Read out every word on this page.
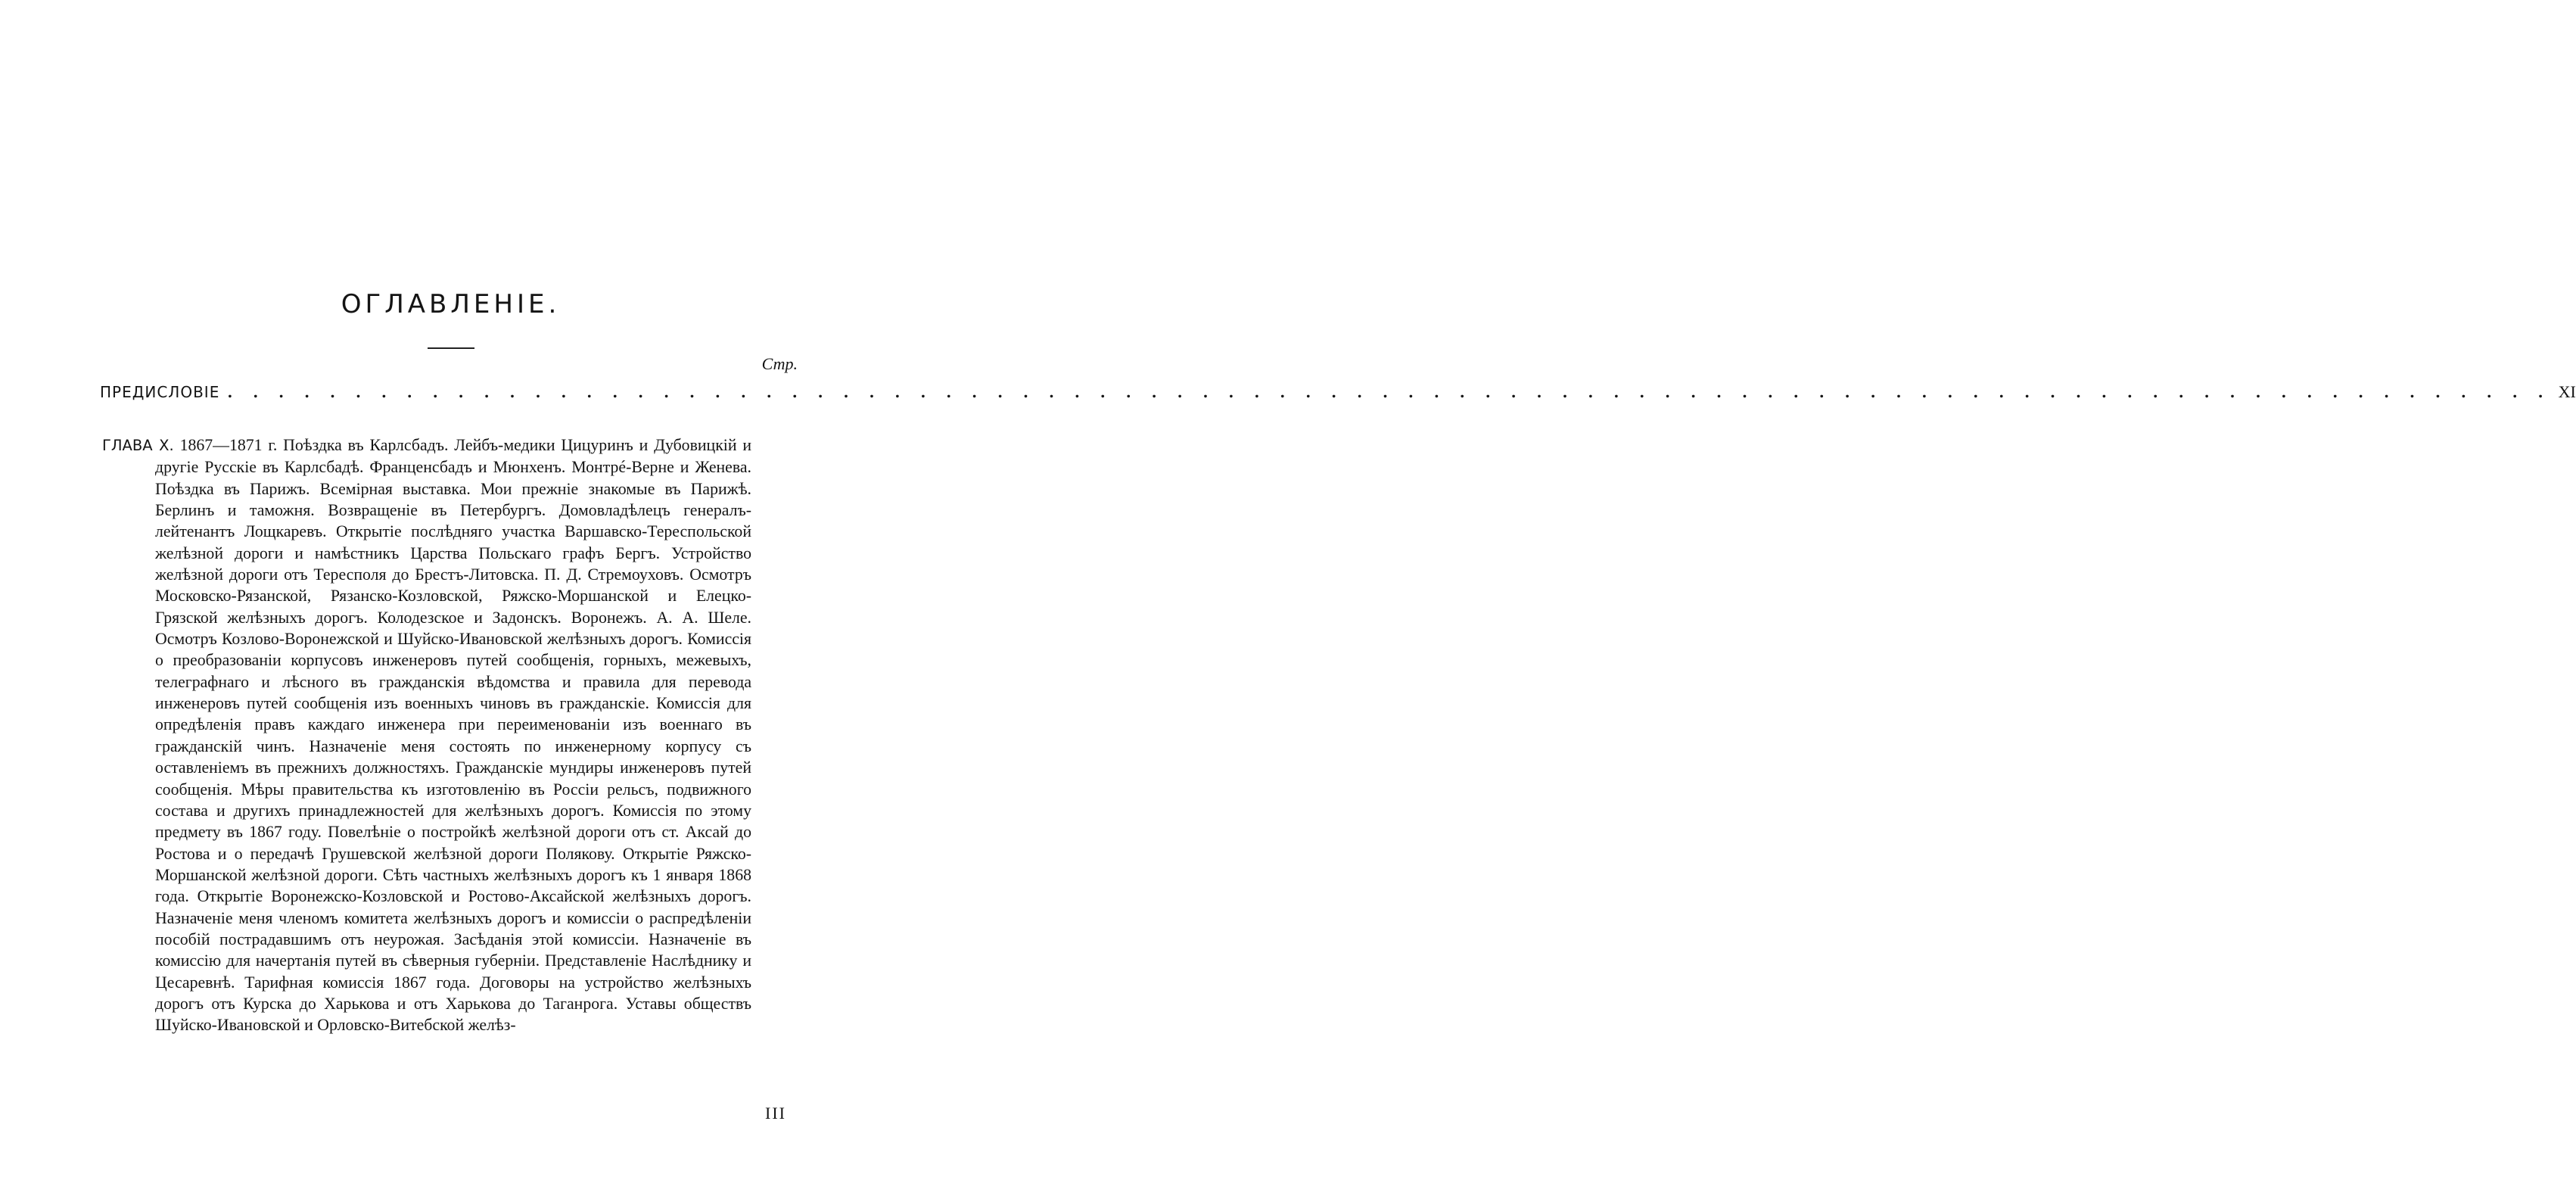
ОГЛАВЛЕНІЕ.
Стр.
ПРЕДИСЛОВІЕ . . . . . . . . . . . . . . . . . . . . . . . . . . . . . . . . . . . . . . . . . . . . . . . . . . . . . . . . . . . . . . . . . . . . . . . . . . . . . . . . . . . . . . . . . . . XI

ГЛАВА X. 1867—1871 г. Поѣздка въ Карлсбадъ. Лейбъ-медики Цицуринъ и Дубовицкій и другіе Русскіе въ Карлсбадѣ. Франценсбадъ и Мюнхенъ. Монтрé-Верне и Женева. Поѣздка въ Парижъ. Всемірная выставка. Мои прежніе знакомые въ Парижѣ. Берлинъ и таможня. Возвращеніе въ Петербургъ. Домовладѣлецъ генералъ-лейтенантъ Лощкаревъ. Открытіе послѣдняго участка Варшавско-Тереспольской желѣзной дороги и намѣстникъ Царства Польскаго графъ Бергъ. Устройство желѣзной дороги отъ Тересполя до Брестъ-Литовска. П. Д. Стремоуховъ. Осмотръ Московско-Рязанской, Рязанско-Козловской, Ряжско-Моршанской и Елецко-Грязской желѣзныхъ дорогъ. Колодезское и Задонскъ. Воронежъ. А. А. Шеле. Осмотръ Козлово-Воронежской и Шуйско-Ивановской желѣзныхъ дорогъ. Комиссія о преобразованіи корпусовъ инженеровъ путей сообщенія, горныхъ, межевыхъ, телеграфнаго и лѣсного въ гражданскія вѣдомства и правила для перевода инженеровъ путей сообщенія изъ военныхъ чиновъ въ гражданскіе. Комиссія для опредѣленія правъ каждаго инженера при переименованіи изъ военнаго въ гражданскій чинъ. Назначеніе меня состоять по инженерному корпусу съ оставленіемъ въ прежнихъ должностяхъ. Гражданскіе мундиры инженеровъ путей сообщенія. Мѣры правительства къ изготовленію въ Россіи рельсъ, подвижного состава и другихъ принадлежностей для желѣзныхъ дорогъ. Комиссія по этому предмету въ 1867 году. Повелѣніе о постройкѣ желѣзной дороги отъ ст. Аксай до Ростова и о передачѣ Грушевской желѣзной дороги Полякову. Открытіе Ряжско-Моршанской желѣзной дороги. Сѣть частныхъ желѣзныхъ дорогъ къ 1 января 1868 года. Открытіе Воронежско-Козловской и Ростово-Аксайской желѣзныхъ дорогъ. Назначеніе меня членомъ комитета желѣзныхъ дорогъ и комиссіи о распредѣленіи пособій пострадавшимъ отъ неурожая. Засѣданія этой комиссіи. Назначеніе въ комиссію для начертанія путей въ сѣверныя губерніи. Представленіе Наслѣднику и Цесаревнѣ. Тарифная комиссія 1867 года. Договоры на устройство желѣзныхъ дорогъ отъ Курска до Харькова и отъ Харькова до Таганрога. Уставы обществъ Шуйско-Ивановской и Орловско-Витебской желѣз-

III
